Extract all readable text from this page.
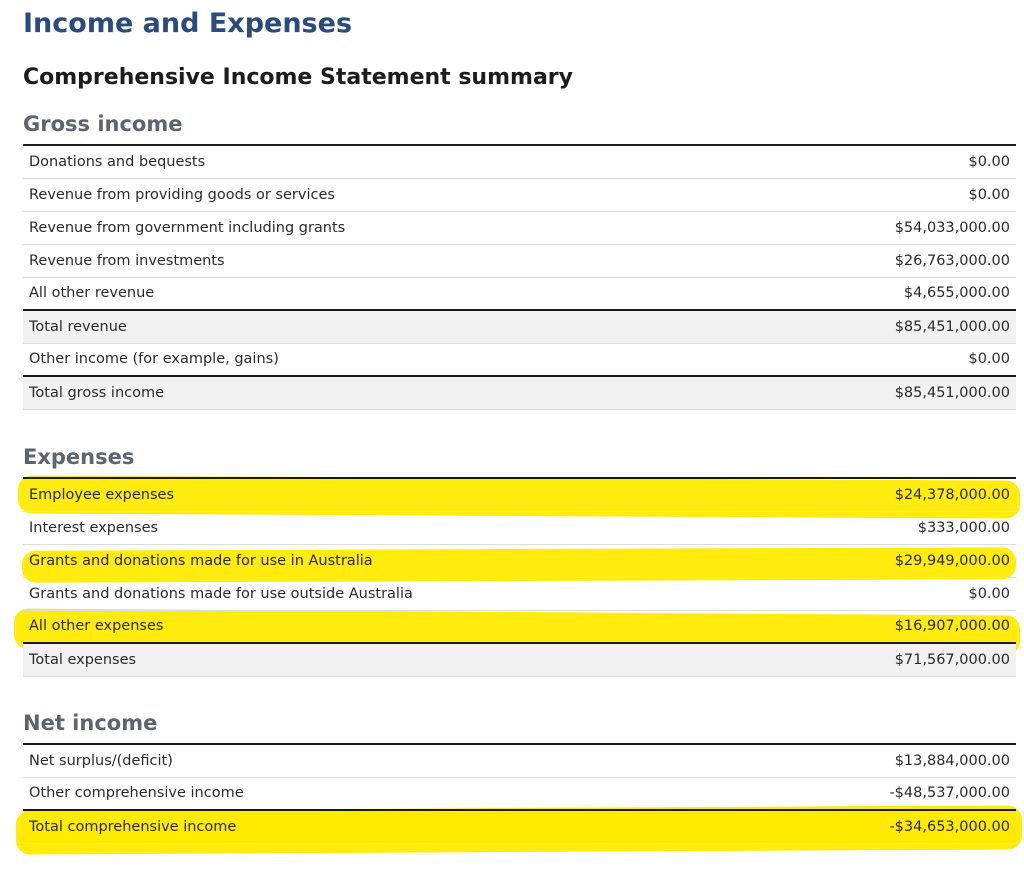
Income and Expenses
Comprehensive Income Statement summary
Gross income
Donations and bequests	$0.00
Revenue from providing goods or services	$0.00
Revenue from government including grants	$54,033,000.00
Revenue from investments	$26,763,000.00
All other revenue	$4,655,000.00
Total revenue	$85,451,000.00
Other income (for example, gains)	$0.00
Total gross income	$85,451,000.00
Expenses
Employee expenses	$24,378,000.00
Interest expenses	$333,000.00
Grants and donations made for use in Australia	$29,949,000.00
Grants and donations made for use outside Australia	$0.00
All other expenses	$16,907,000.00
Total expenses	$71,567,000.00
Net income
Net surplus/(deficit)	$13,884,000.00
Other comprehensive income	-$48,537,000.00
Total comprehensive income	-$34,653,000.00
